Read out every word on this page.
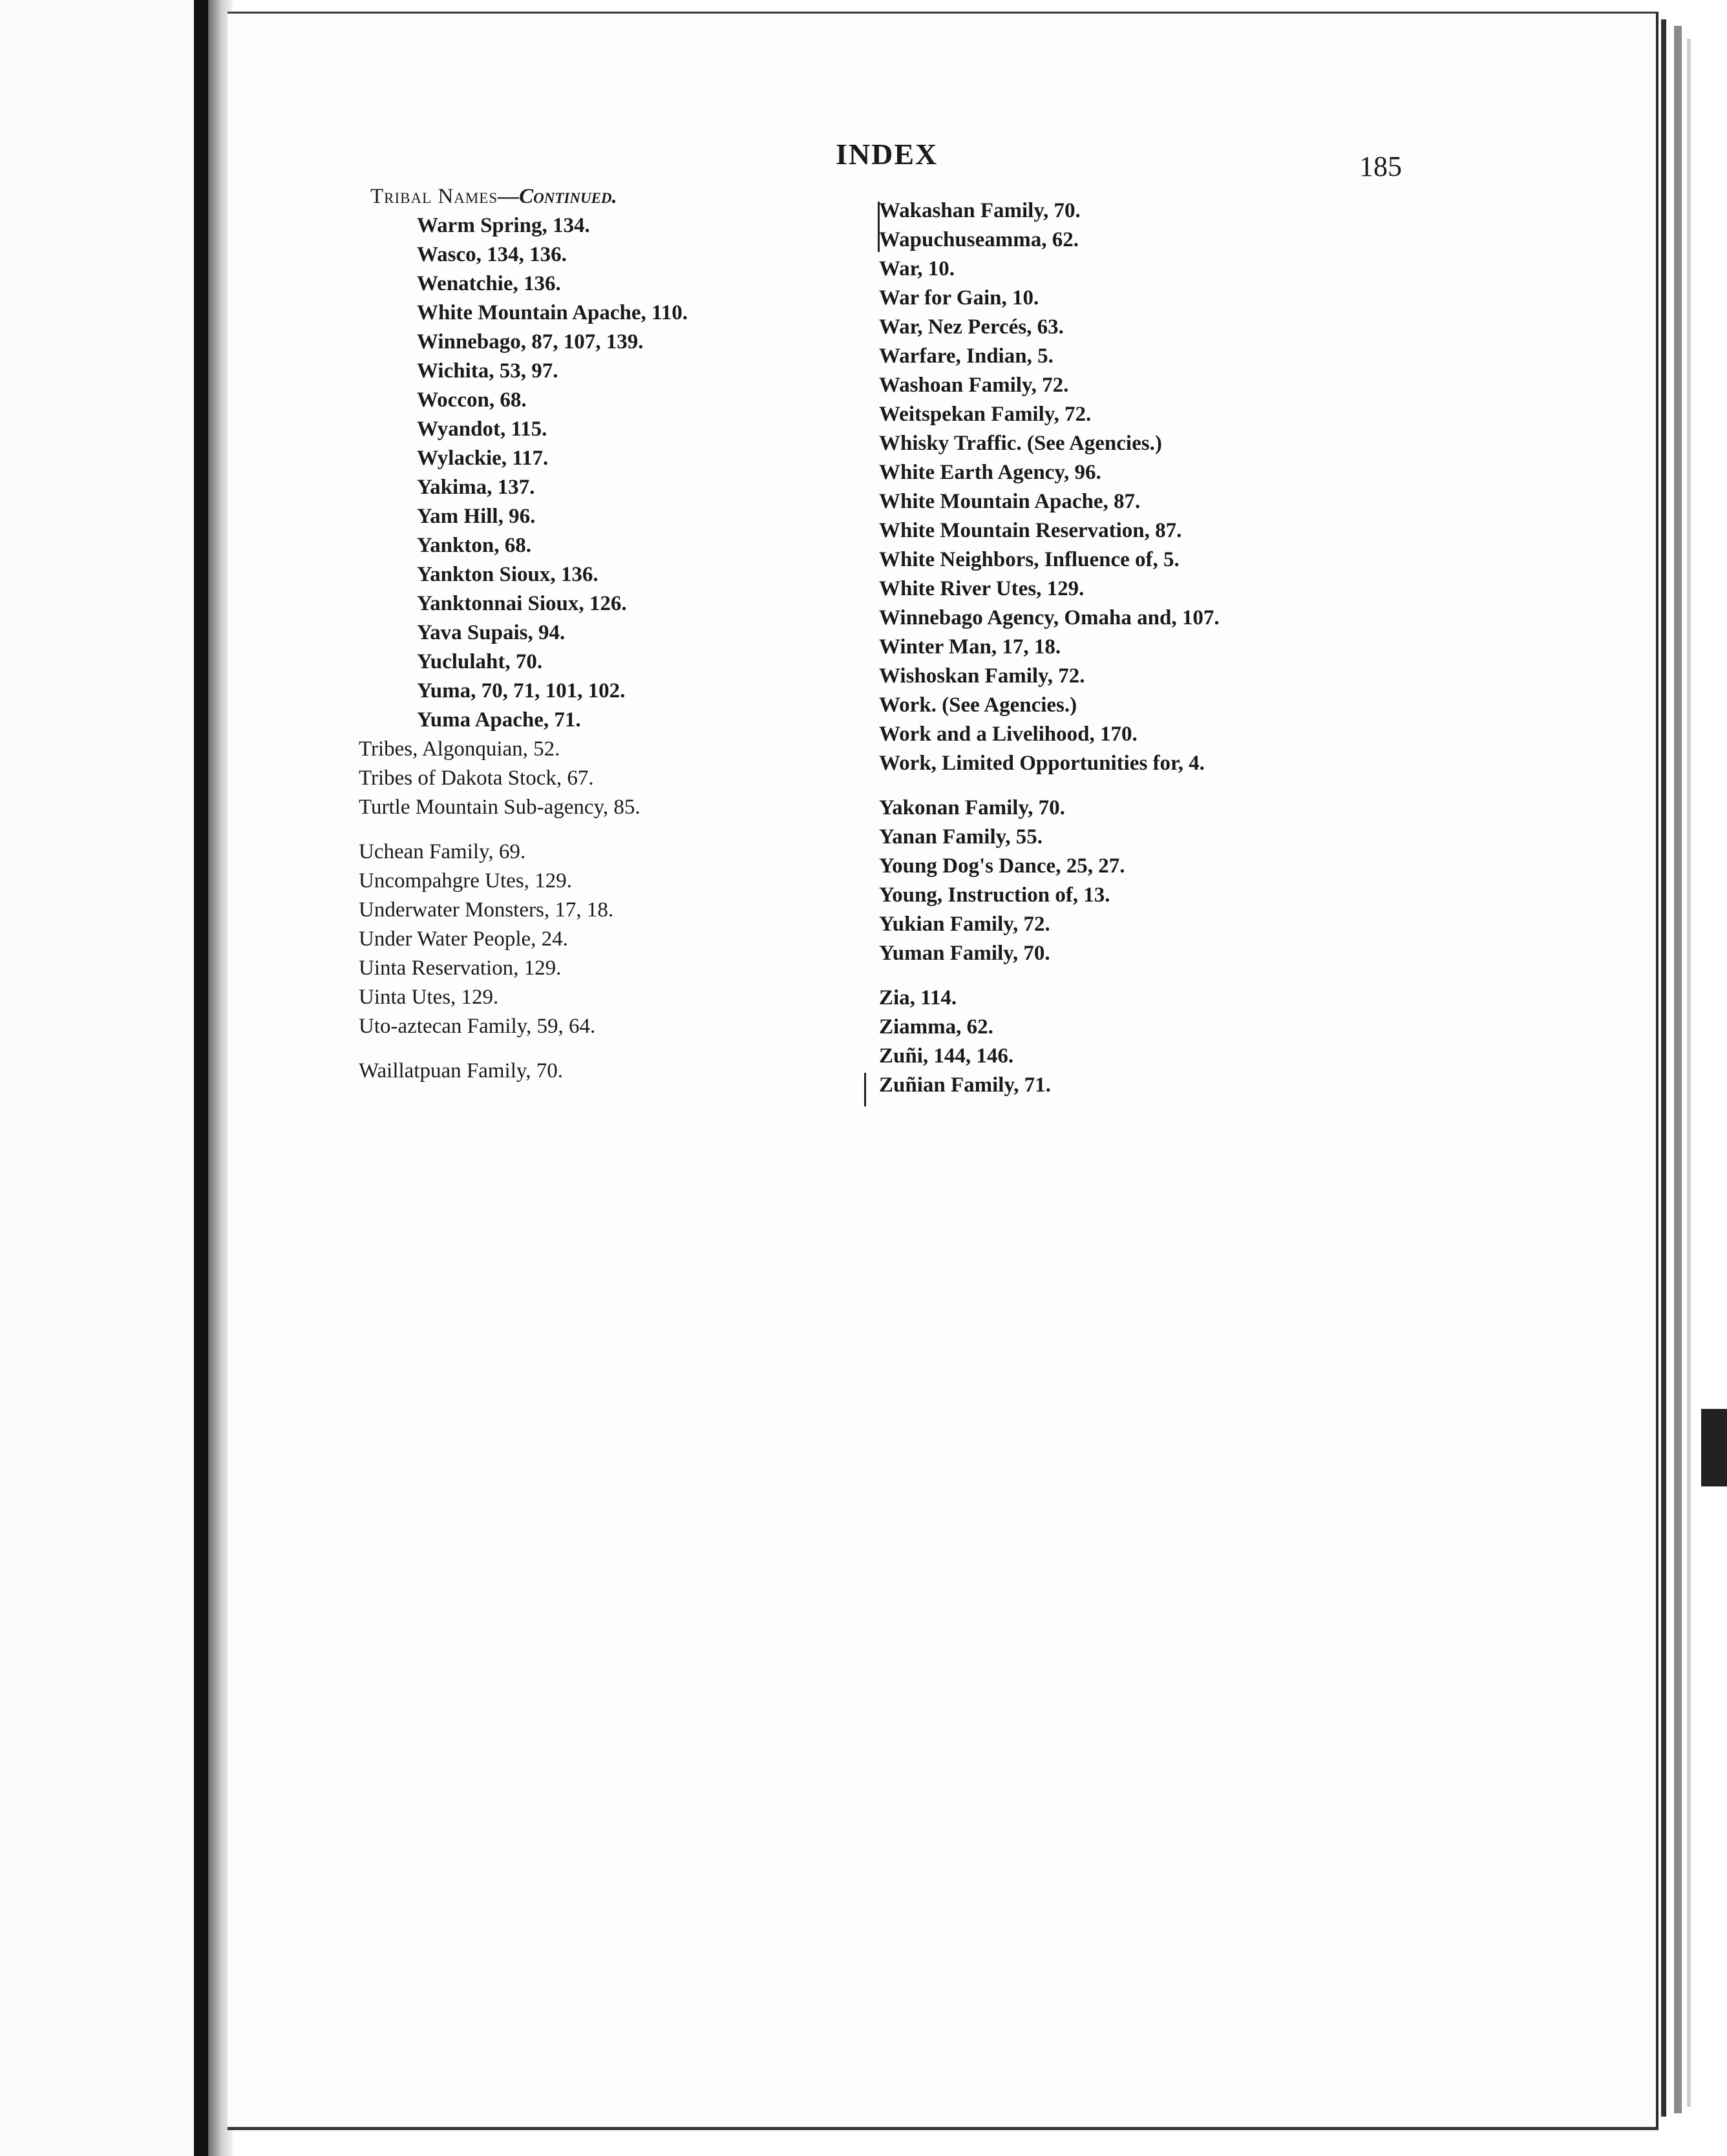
INDEX	185
Tribal Names—Continued.
Warm Spring, 134.
Wasco, 134, 136.
Wenatchie, 136.
White Mountain Apache, 110.
Winnebago, 87, 107, 139.
Wichita, 53, 97.
Woccon, 68.
Wyandot, 115.
Wylackie, 117.
Yakima, 137.
Yam Hill, 96.
Yankton, 68.
Yankton Sioux, 136.
Yanktonnai Sioux, 126.
Yava Supais, 94.
Yuclulaht, 70.
Yuma, 70, 71, 101, 102.
Yuma Apache, 71.
Tribes, Algonquian, 52.
Tribes of Dakota Stock, 67.
Turtle Mountain Sub-agency, 85.
Uchean Family, 69.
Uncompahgre Utes, 129.
Underwater Monsters, 17, 18.
Under Water People, 24.
Uinta Reservation, 129.
Uinta Utes, 129.
Uto-aztecan Family, 59, 64.
Waillatpuan Family, 70.
Wakashan Family, 70.
Wapuchuseamma, 62.
War, 10.
War for Gain, 10.
War, Nez Percés, 63.
Warfare, Indian, 5.
Washoan Family, 72.
Weitspekan Family, 72.
Whisky Traffic. (See Agencies.)
White Earth Agency, 96.
White Mountain Apache, 87.
White Mountain Reservation, 87.
White Neighbors, Influence of, 5.
White River Utes, 129.
Winnebago Agency, Omaha and, 107.
Winter Man, 17, 18.
Wishoskan Family, 72.
Work. (See Agencies.)
Work and a Livelihood, 170.
Work, Limited Opportunities for, 4.
Yakonan Family, 70.
Yanan Family, 55.
Young Dog's Dance, 25, 27.
Young, Instruction of, 13.
Yukian Family, 72.
Yuman Family, 70.
Zia, 114.
Ziamma, 62.
Zuñi, 144, 146.
Zuñian Family, 71.
